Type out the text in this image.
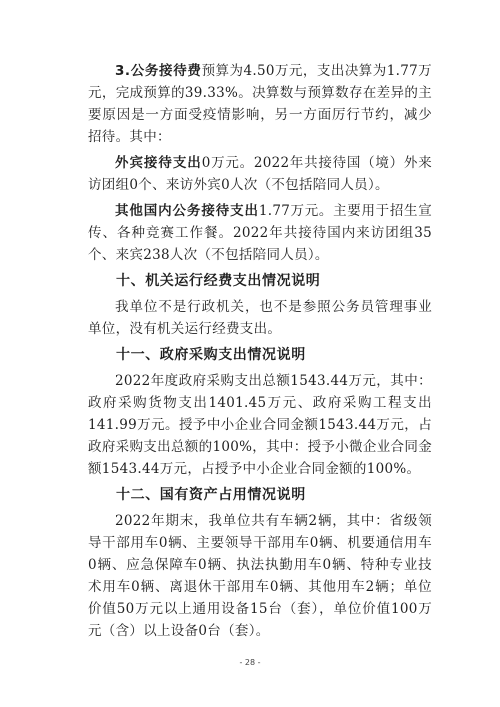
3.公务接待费预算为4.50万元，支出决算为1.77万元，完成预算的39.33%。决算数与预算数存在差异的主要原因是一方面受疫情影响，另一方面厉行节约，减少招待。其中：

外宾接待支出0万元。2022年共接待国（境）外来访团组0个、来访外宾0人次（不包括陪同人员）。

其他国内公务接待支出1.77万元。主要用于招生宣传、各种竞赛工作餐。2022年共接待国内来访团组35个、来宾238人次（不包括陪同人员）。

十、机关运行经费支出情况说明

我单位不是行政机关，也不是参照公务员管理事业单位，没有机关运行经费支出。

十一、政府采购支出情况说明

2022年度政府采购支出总额1543.44万元，其中：政府采购货物支出1401.45万元、政府采购工程支出141.99万元。授予中小企业合同金额1543.44万元，占政府采购支出总额的100%，其中：授予小微企业合同金额1543.44万元，占授予中小企业合同金额的100%。

十二、国有资产占用情况说明

2022年期末，我单位共有车辆2辆，其中：省级领导干部用车0辆、主要领导干部用车0辆、机要通信用车0辆、应急保障车0辆、执法执勤用车0辆、特种专业技术用车0辆、离退休干部用车0辆、其他用车2辆；单位价值50万元以上通用设备15台（套），单位价值100万元（含）以上设备0台（套）。

- 28 -
